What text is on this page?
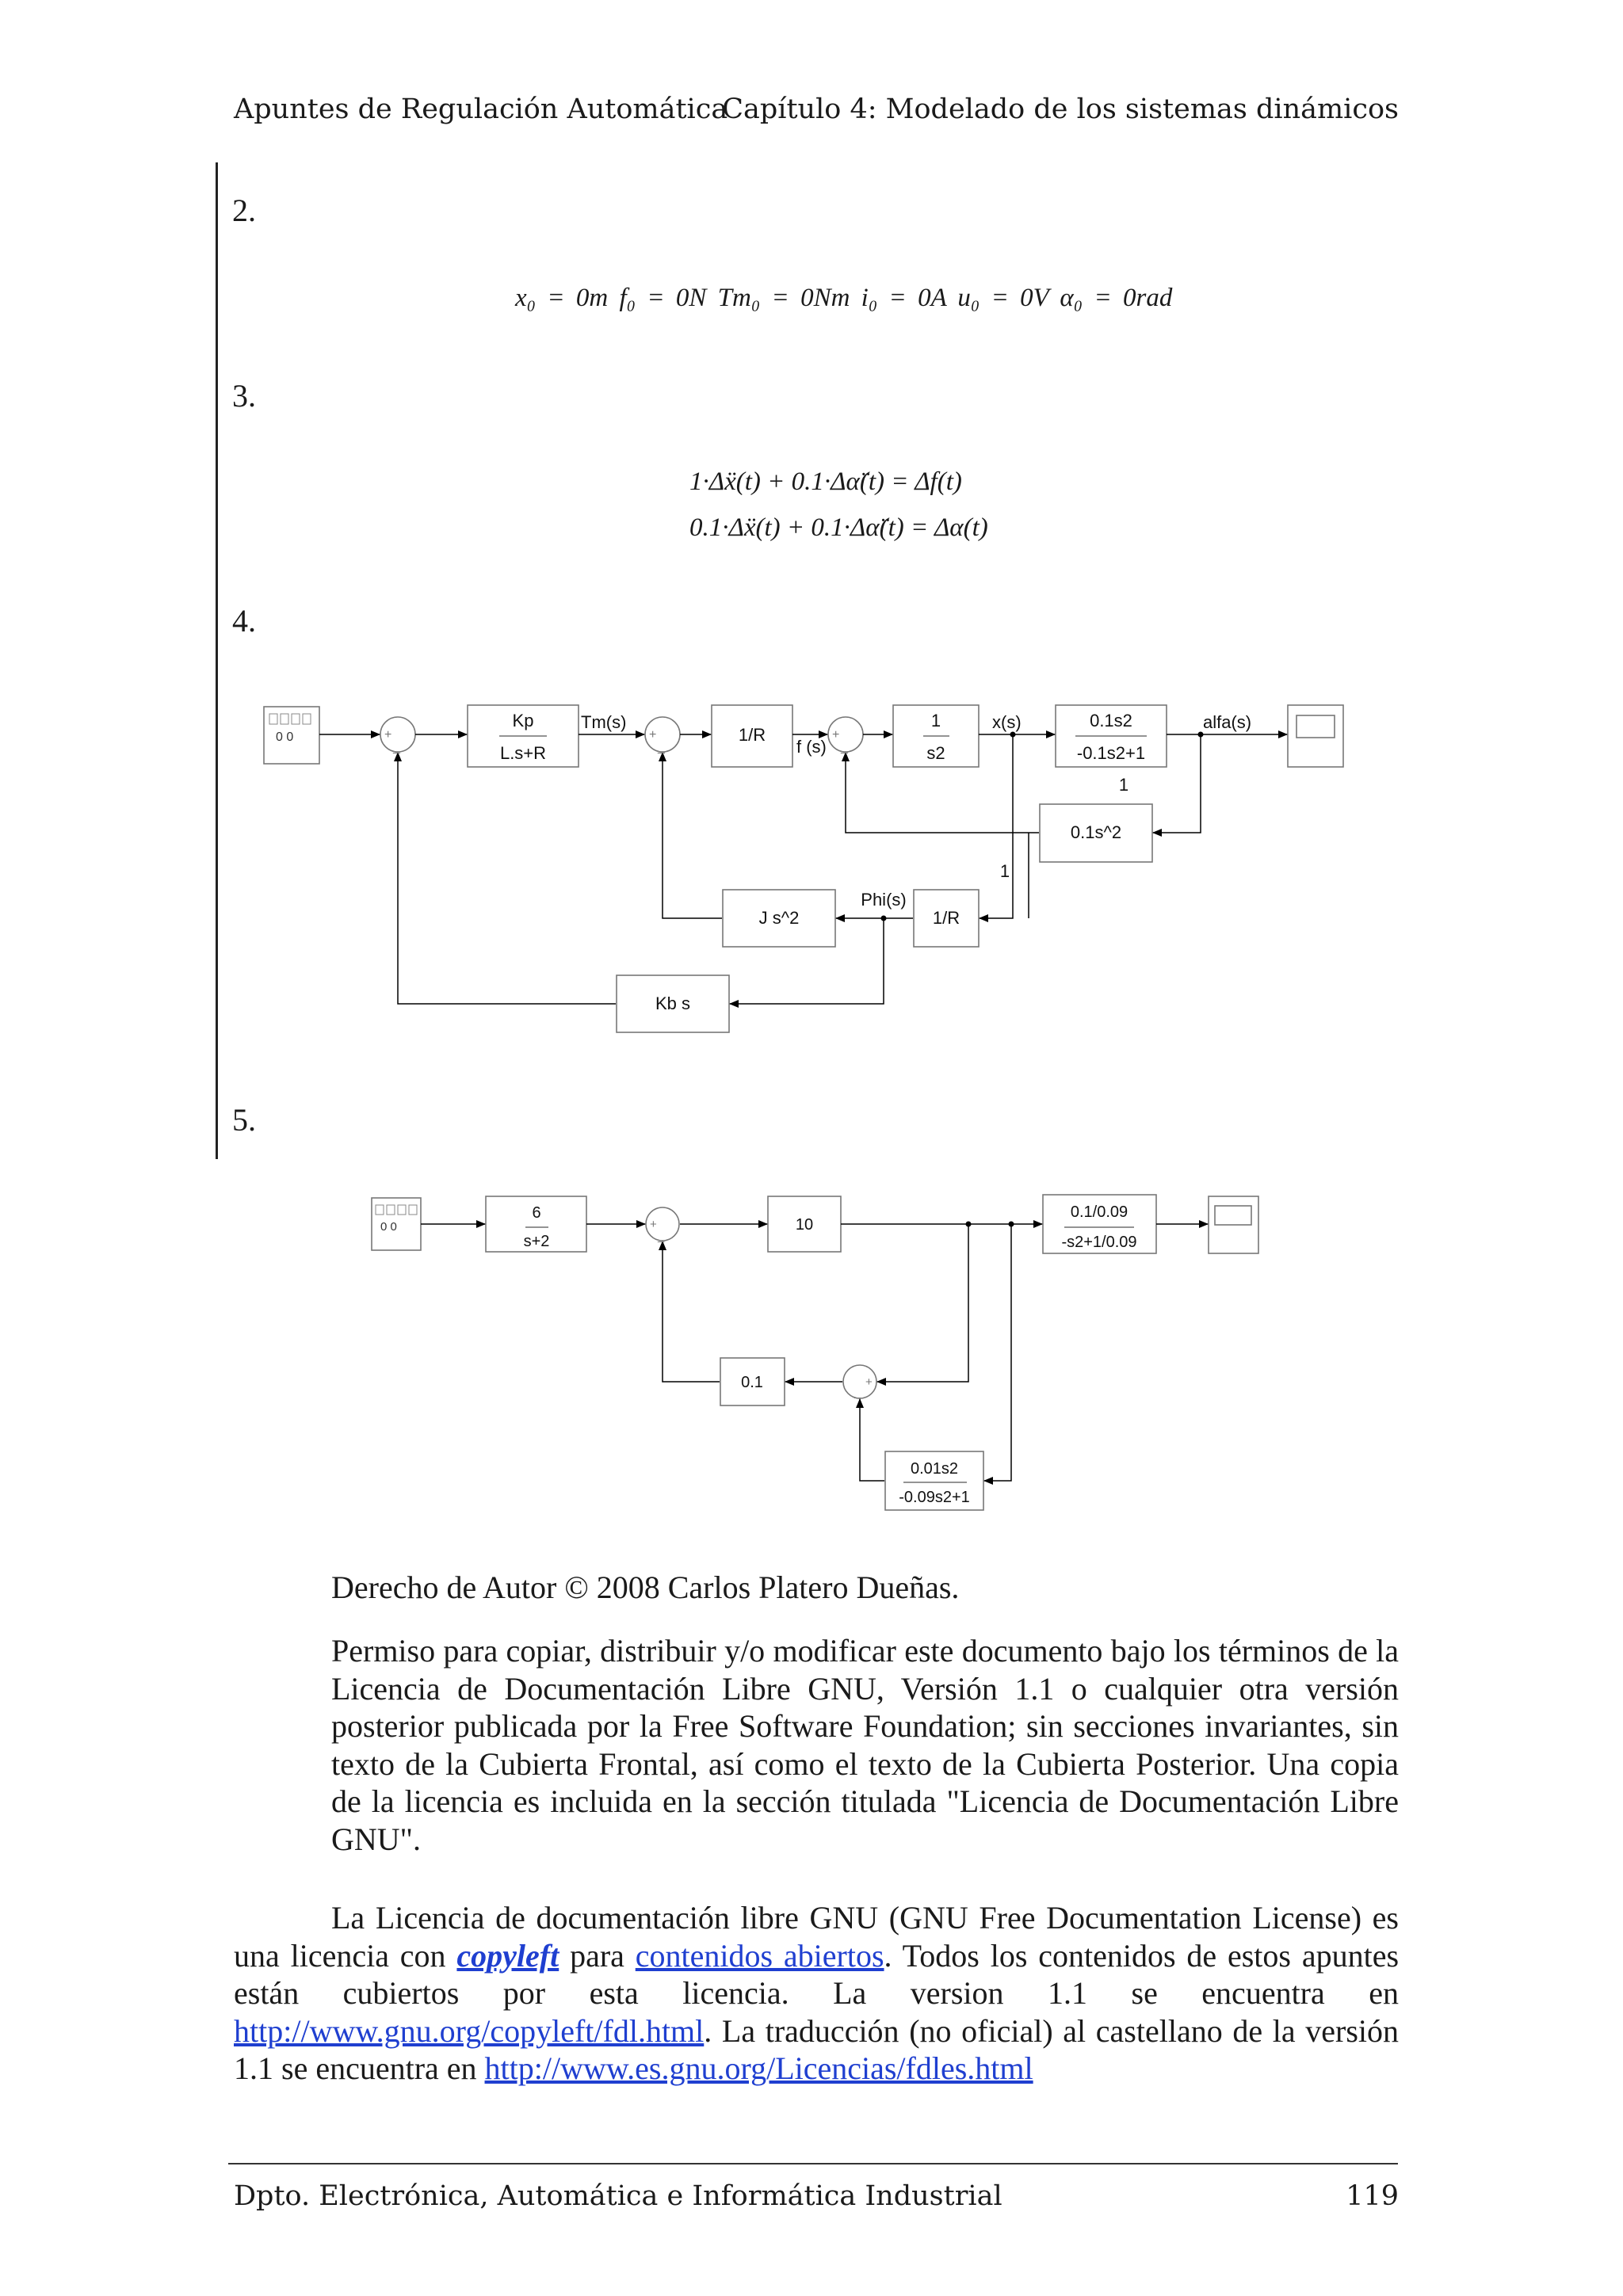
Apuntes de Regulación Automática
Capítulo 4: Modelado de los sistemas dinámicos
2.
x₀ = 0m f₀ = 0N Tm₀ = 0Nm i₀ = 0A u₀ = 0V α₀ = 0rad
3.
1·Δẍ(t) + 0.1·Δα̈(t) = Δf(t)
0.1·Δẍ(t) + 0.1·Δα̈(t) = Δα(t)
4.
0 0	+
_
+
_
+
_
Kp
L.s+R
Tm(s)
1/R
f (s)
1
s2
x(s)	0.1s2
-0.1s2+1
alfa(s)
1
0.1s^2
1
Phi(s)
J s^2	1/R
Kb s
5.
0 0	+
_
+
_
6
s+2
10
0.1/0.09
-s2+1/0.09
0.1
0.01s2
-0.09s2+1
Derecho de Autor © 2008 Carlos Platero Dueñas.
Permiso para copiar, distribuir y/o modificar este documento bajo los términos de la Licencia de Documentación Libre GNU, Versión 1.1 o cualquier otra versión posterior publicada por la Free Software Foundation; sin secciones invariantes, sin texto de la Cubierta Frontal, así como el texto de la Cubierta Posterior. Una copia de la licencia es incluida en la sección titulada "Licencia de Documentación Libre GNU".
La Licencia de documentación libre GNU (GNU Free Documentation License) es una licencia con copyleft para contenidos abiertos. Todos los contenidos de estos apuntes están cubiertos por esta licencia. La version 1.1 se encuentra en http://www.gnu.org/copyleft/fdl.html. La traducción (no oficial) al castellano de la versión 1.1 se encuentra en http://www.es.gnu.org/Licencias/fdles.html
Dpto. Electrónica, Automática e Informática Industrial	119
